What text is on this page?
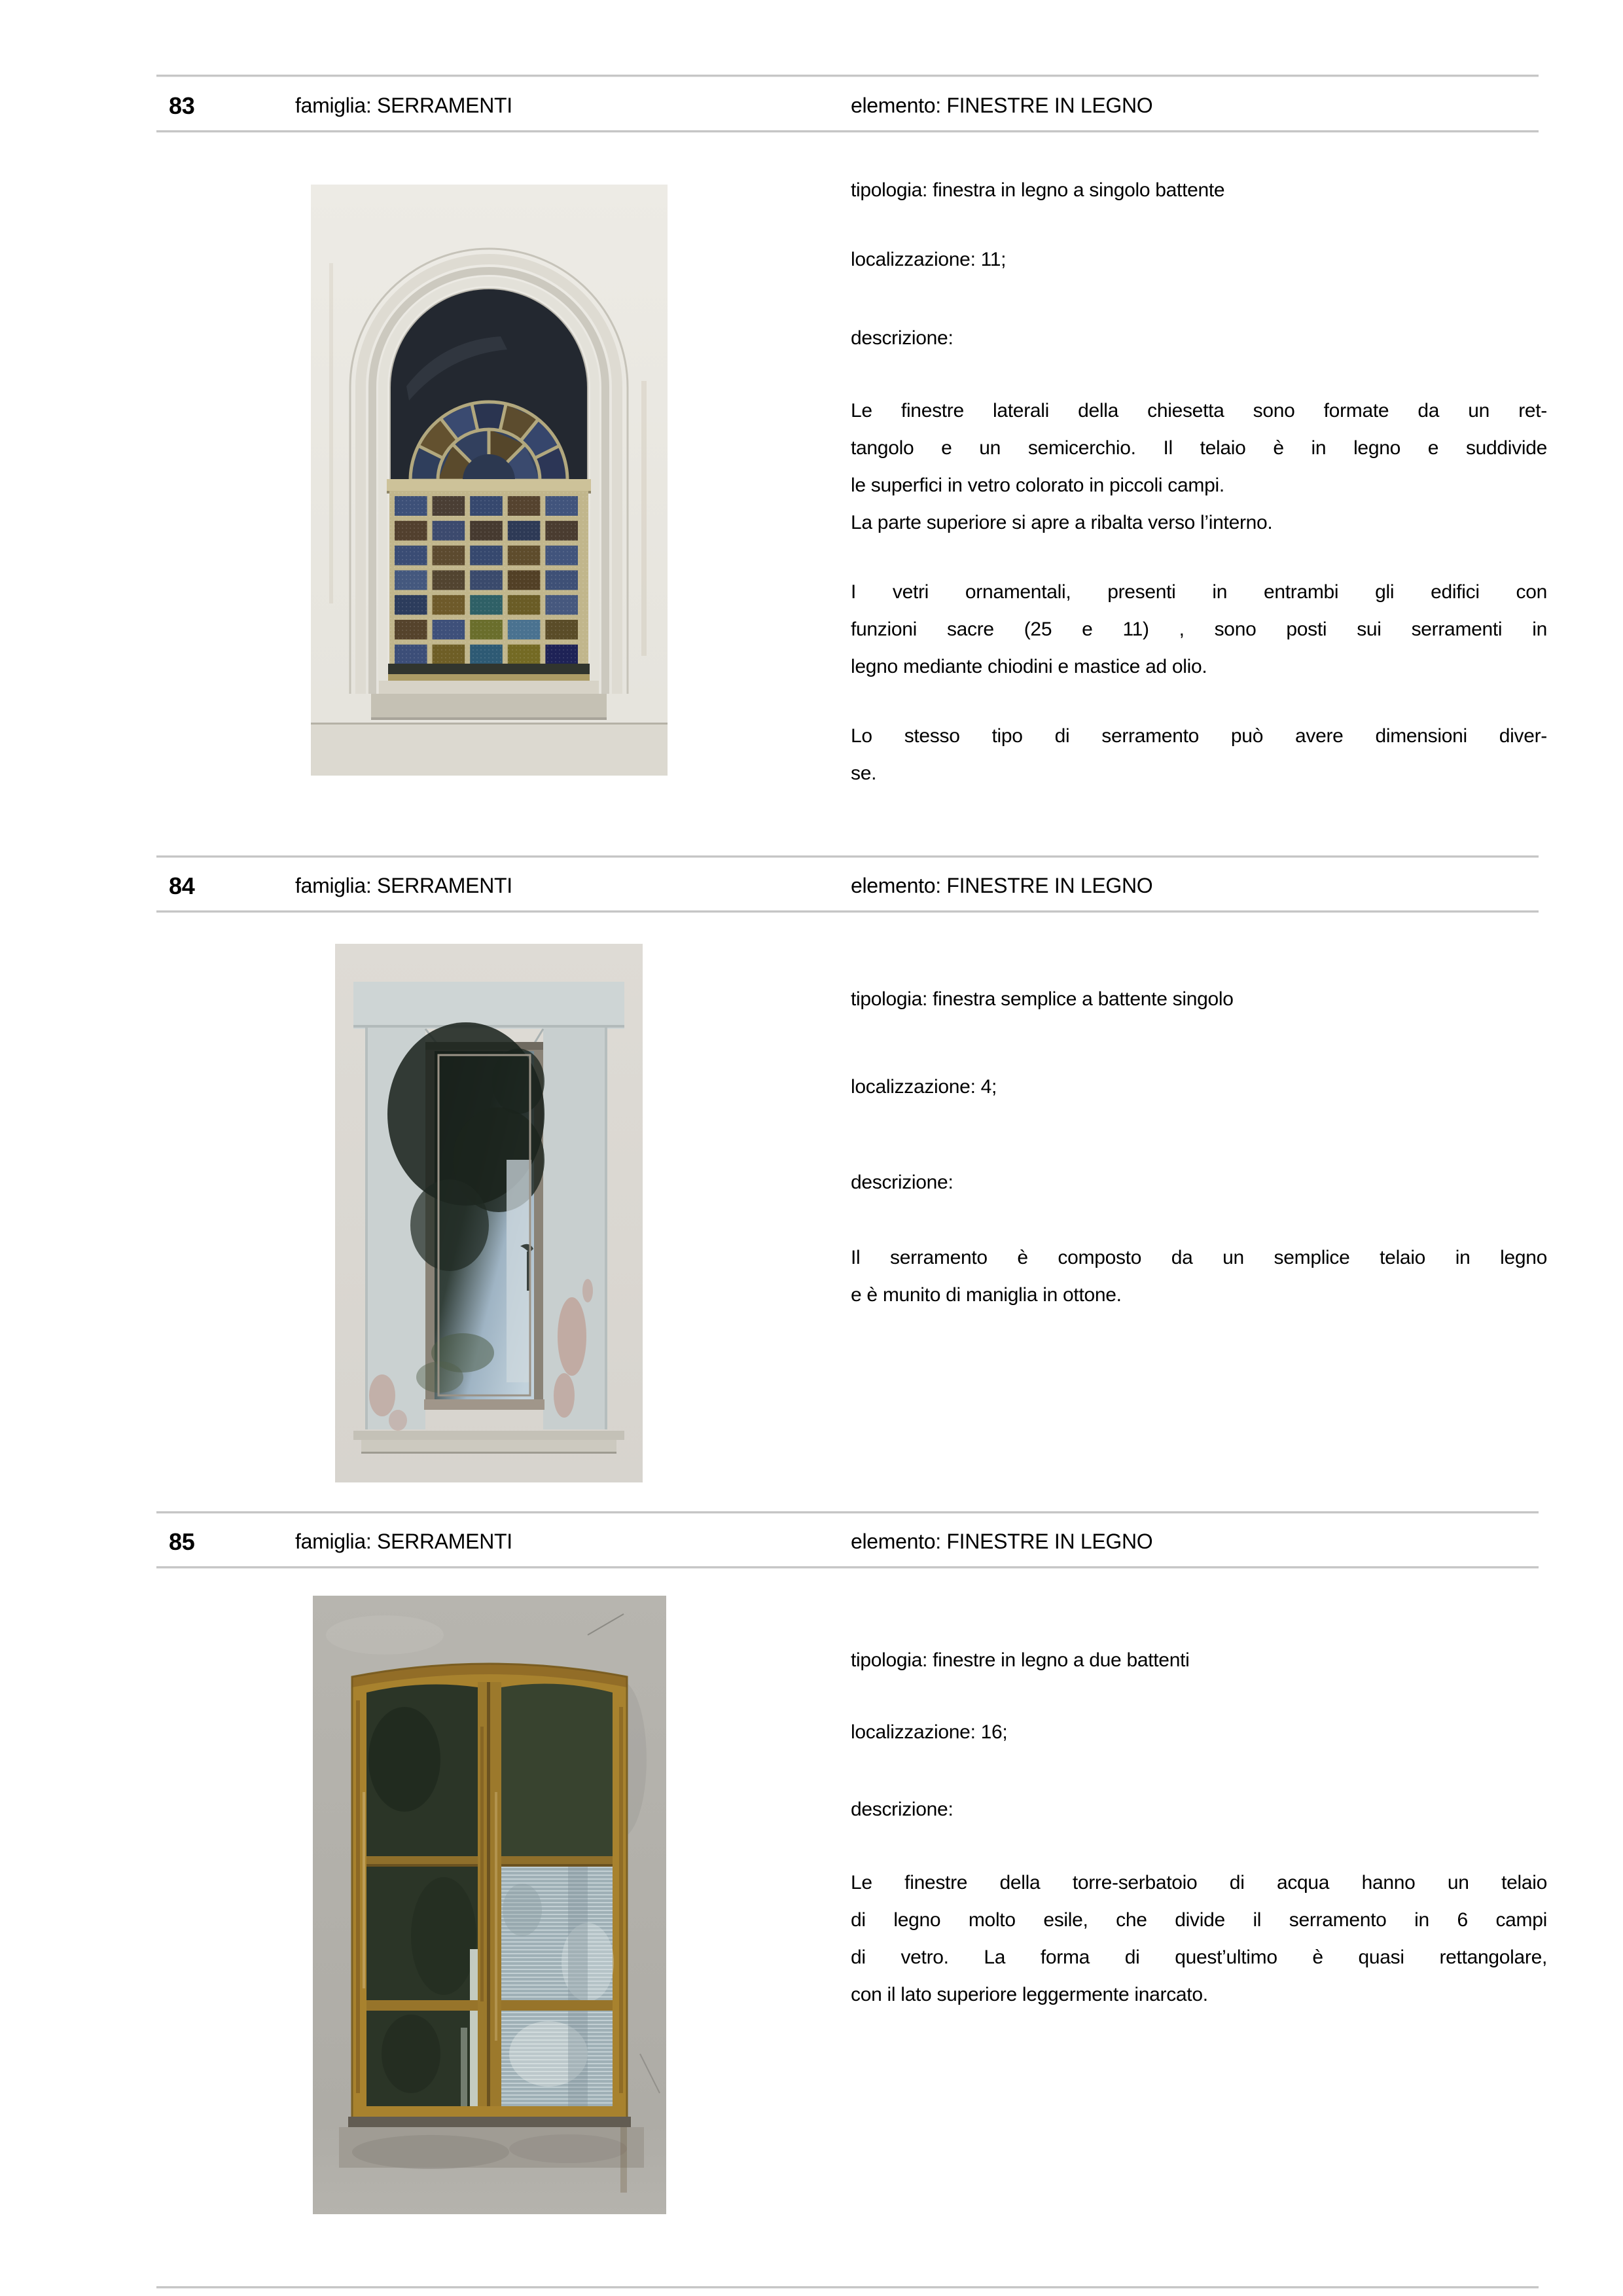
83	famiglia: SERRAMENTI	elemento: FINESTRE IN LEGNO
tipologia: finestra in legno a singolo battente
localizzazione: 11;
descrizione:
Le finestre laterali della chiesetta sono formate da un ret-
tangolo e un semicerchio. Il telaio è in legno e suddivide
le superfici in vetro colorato in piccoli campi.
La parte superiore si apre a ribalta verso l’interno.
I vetri ornamentali, presenti in entrambi gli edifici con
funzioni sacre (25 e 11) , sono posti sui serramenti in
legno mediante chiodini e mastice ad olio.
Lo stesso tipo di serramento può avere dimensioni diver-
se.
84	famiglia: SERRAMENTI	elemento: FINESTRE IN LEGNO
tipologia: finestra semplice a battente singolo
localizzazione: 4;
descrizione:
Il serramento è composto da un semplice telaio in legno
e è munito di maniglia in ottone.
85	famiglia: SERRAMENTI	elemento: FINESTRE IN LEGNO
tipologia: finestre in legno a due battenti
localizzazione: 16;
descrizione:
Le finestre della torre-serbatoio di acqua hanno un telaio
di legno molto esile, che divide il serramento in 6 campi
di vetro. La forma di quest’ultimo è quasi rettangolare,
con il lato superiore leggermente inarcato.
